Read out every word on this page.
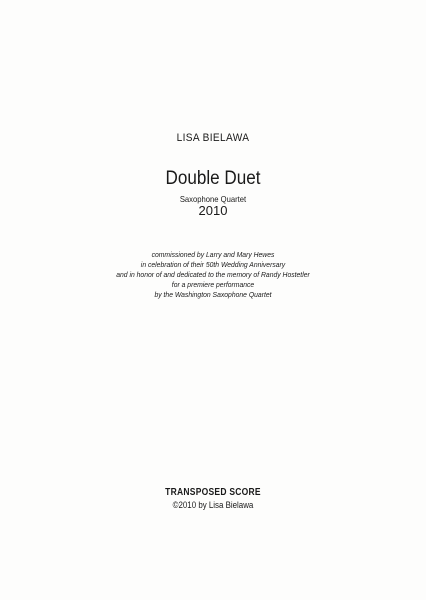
LISA BIELAWA
Double Duet
Saxophone Quartet
2010
commissioned by Larry and Mary Hewes
in celebration of their 50th Wedding Anniversary
and in honor of and dedicated to the memory of Randy Hostetler
for a premiere performance
by the Washington Saxophone Quartet
TRANSPOSED SCORE
©2010 by Lisa Bielawa
